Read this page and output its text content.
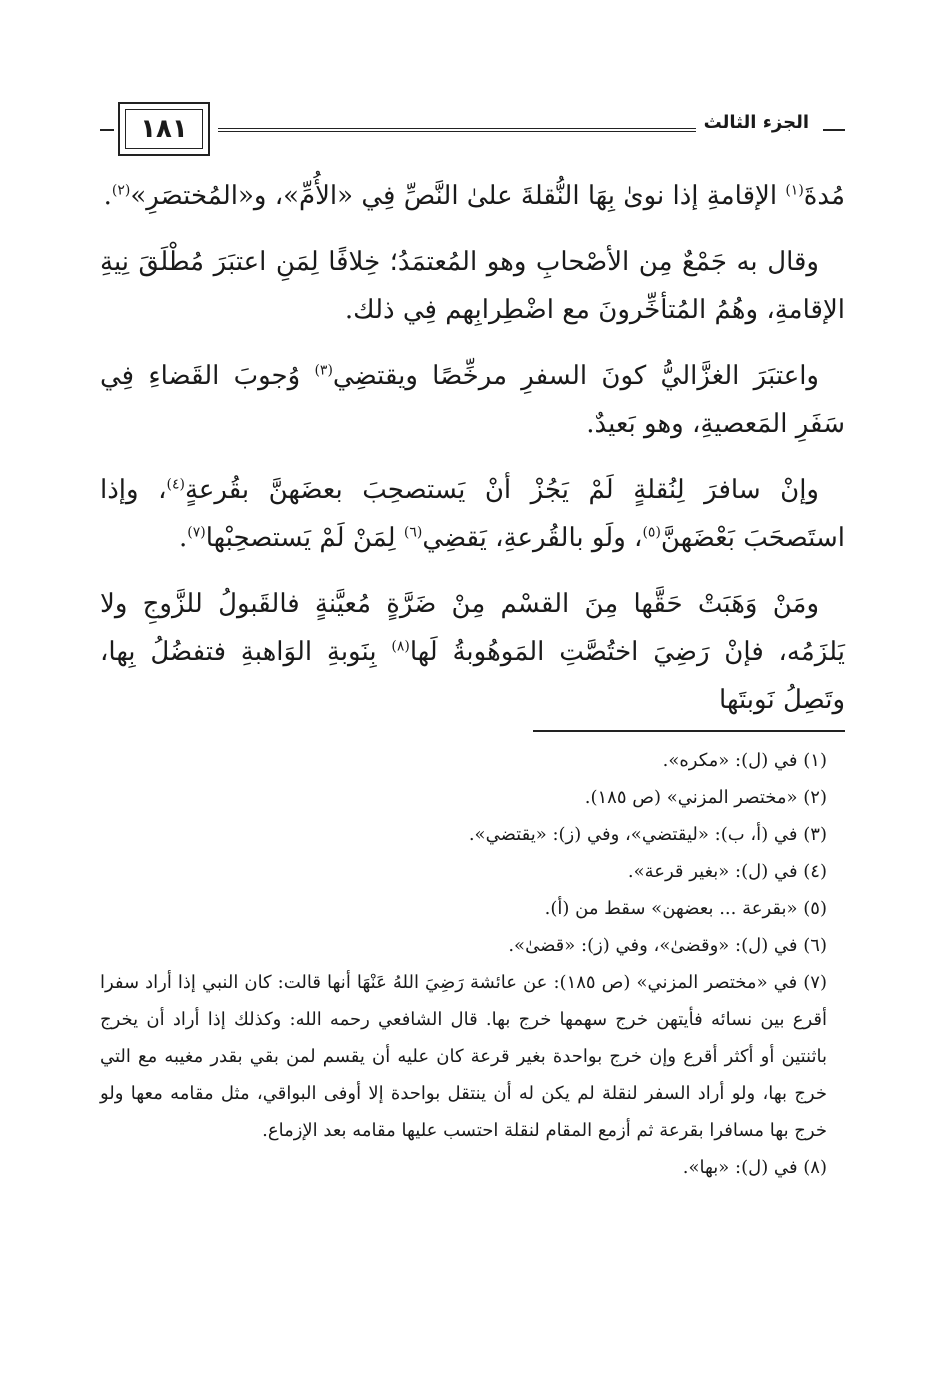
١٨١	الجزء الثالث

مُدةَ$^{(١)}$ الإقامةِ إذا نوىٰ بِهَا النُّقلةَ علىٰ النَّصِّ فِي «الأُمِّ»، و«المُختصَرِ»$^{(٢)}$.

وقال به جَمْعٌ مِن الأصْحابِ وهو المُعتمَدُ؛ خِلافًا لِمَنِ اعتبَرَ مُطْلَقَ نِيةِ الإقامةِ، وهُمُ المُتأخِّرونَ مع اضْطِرابِهم فِي ذلك.

واعتبَرَ الغزَّاليُّ كونَ السفرِ مرخِّصًا ويقتضِي$^{(٣)}$ وُجوبَ القَضاءِ فِي سَفَرِ المَعصيةِ، وهو بَعيدٌ.

وإنْ سافرَ لِنُقلةٍ لَمْ يَجُزْ أنْ يَستصحِبَ بعضَهنَّ بقُرعةٍ$^{(٤)}$، وإذا استَصحَبَ بَعْضَهنَّ$^{(٥)}$، ولَو بالقُرعةِ، يَقضِي$^{(٦)}$ لِمَنْ لَمْ يَستصحِبْها$^{(٧)}$.

ومَنْ وَهَبَتْ حَقَّها مِنَ القسْم مِنْ ضَرَّةٍ مُعيَّنةٍ فالقَبولُ للزَّوجِ ولا يَلزَمُه، فإنْ رَضِيَ اختُصَّتِ المَوهُوبةُ لَها$^{(٨)}$ بِنَوبةِ الوَاهبةِ فتفضُلُ بِها، وتَصِلُ نَوبتَها

(١) في (ل): «مكره».

(٢) «مختصر المزني» (ص ١٨٥).

(٣) في (أ، ب): «ليقتضي»، وفي (ز): «يقتضي».

(٤) في (ل): «بغير قرعة».

(٥) «بقرعة ... بعضهن» سقط من (أ).

(٦) في (ل): «وقضىٰ»، وفي (ز): «قضىٰ».

(٧) في «مختصر المزني» (ص ١٨٥): عن عائشة رَضِيَ اللهُ عَنْهَا أنها قالت: كان النبي إذا أراد سفرا أقرع بين نسائه فأيتهن خرج سهمها خرج بها. قال الشافعي رحمه الله: وكذلك إذا أراد أن يخرج باثنتين أو أكثر أقرع وإن خرج بواحدة بغير قرعة كان عليه أن يقسم لمن بقي بقدر مغيبه مع التي خرج بها، ولو أراد السفر لنقلة لم يكن له أن ينتقل بواحدة إلا أوفى البواقي، مثل مقامه معها ولو خرج بها مسافرا بقرعة ثم أزمع المقام لنقلة احتسب عليها مقامه بعد الإزماع.

(٨) في (ل): «بها».
